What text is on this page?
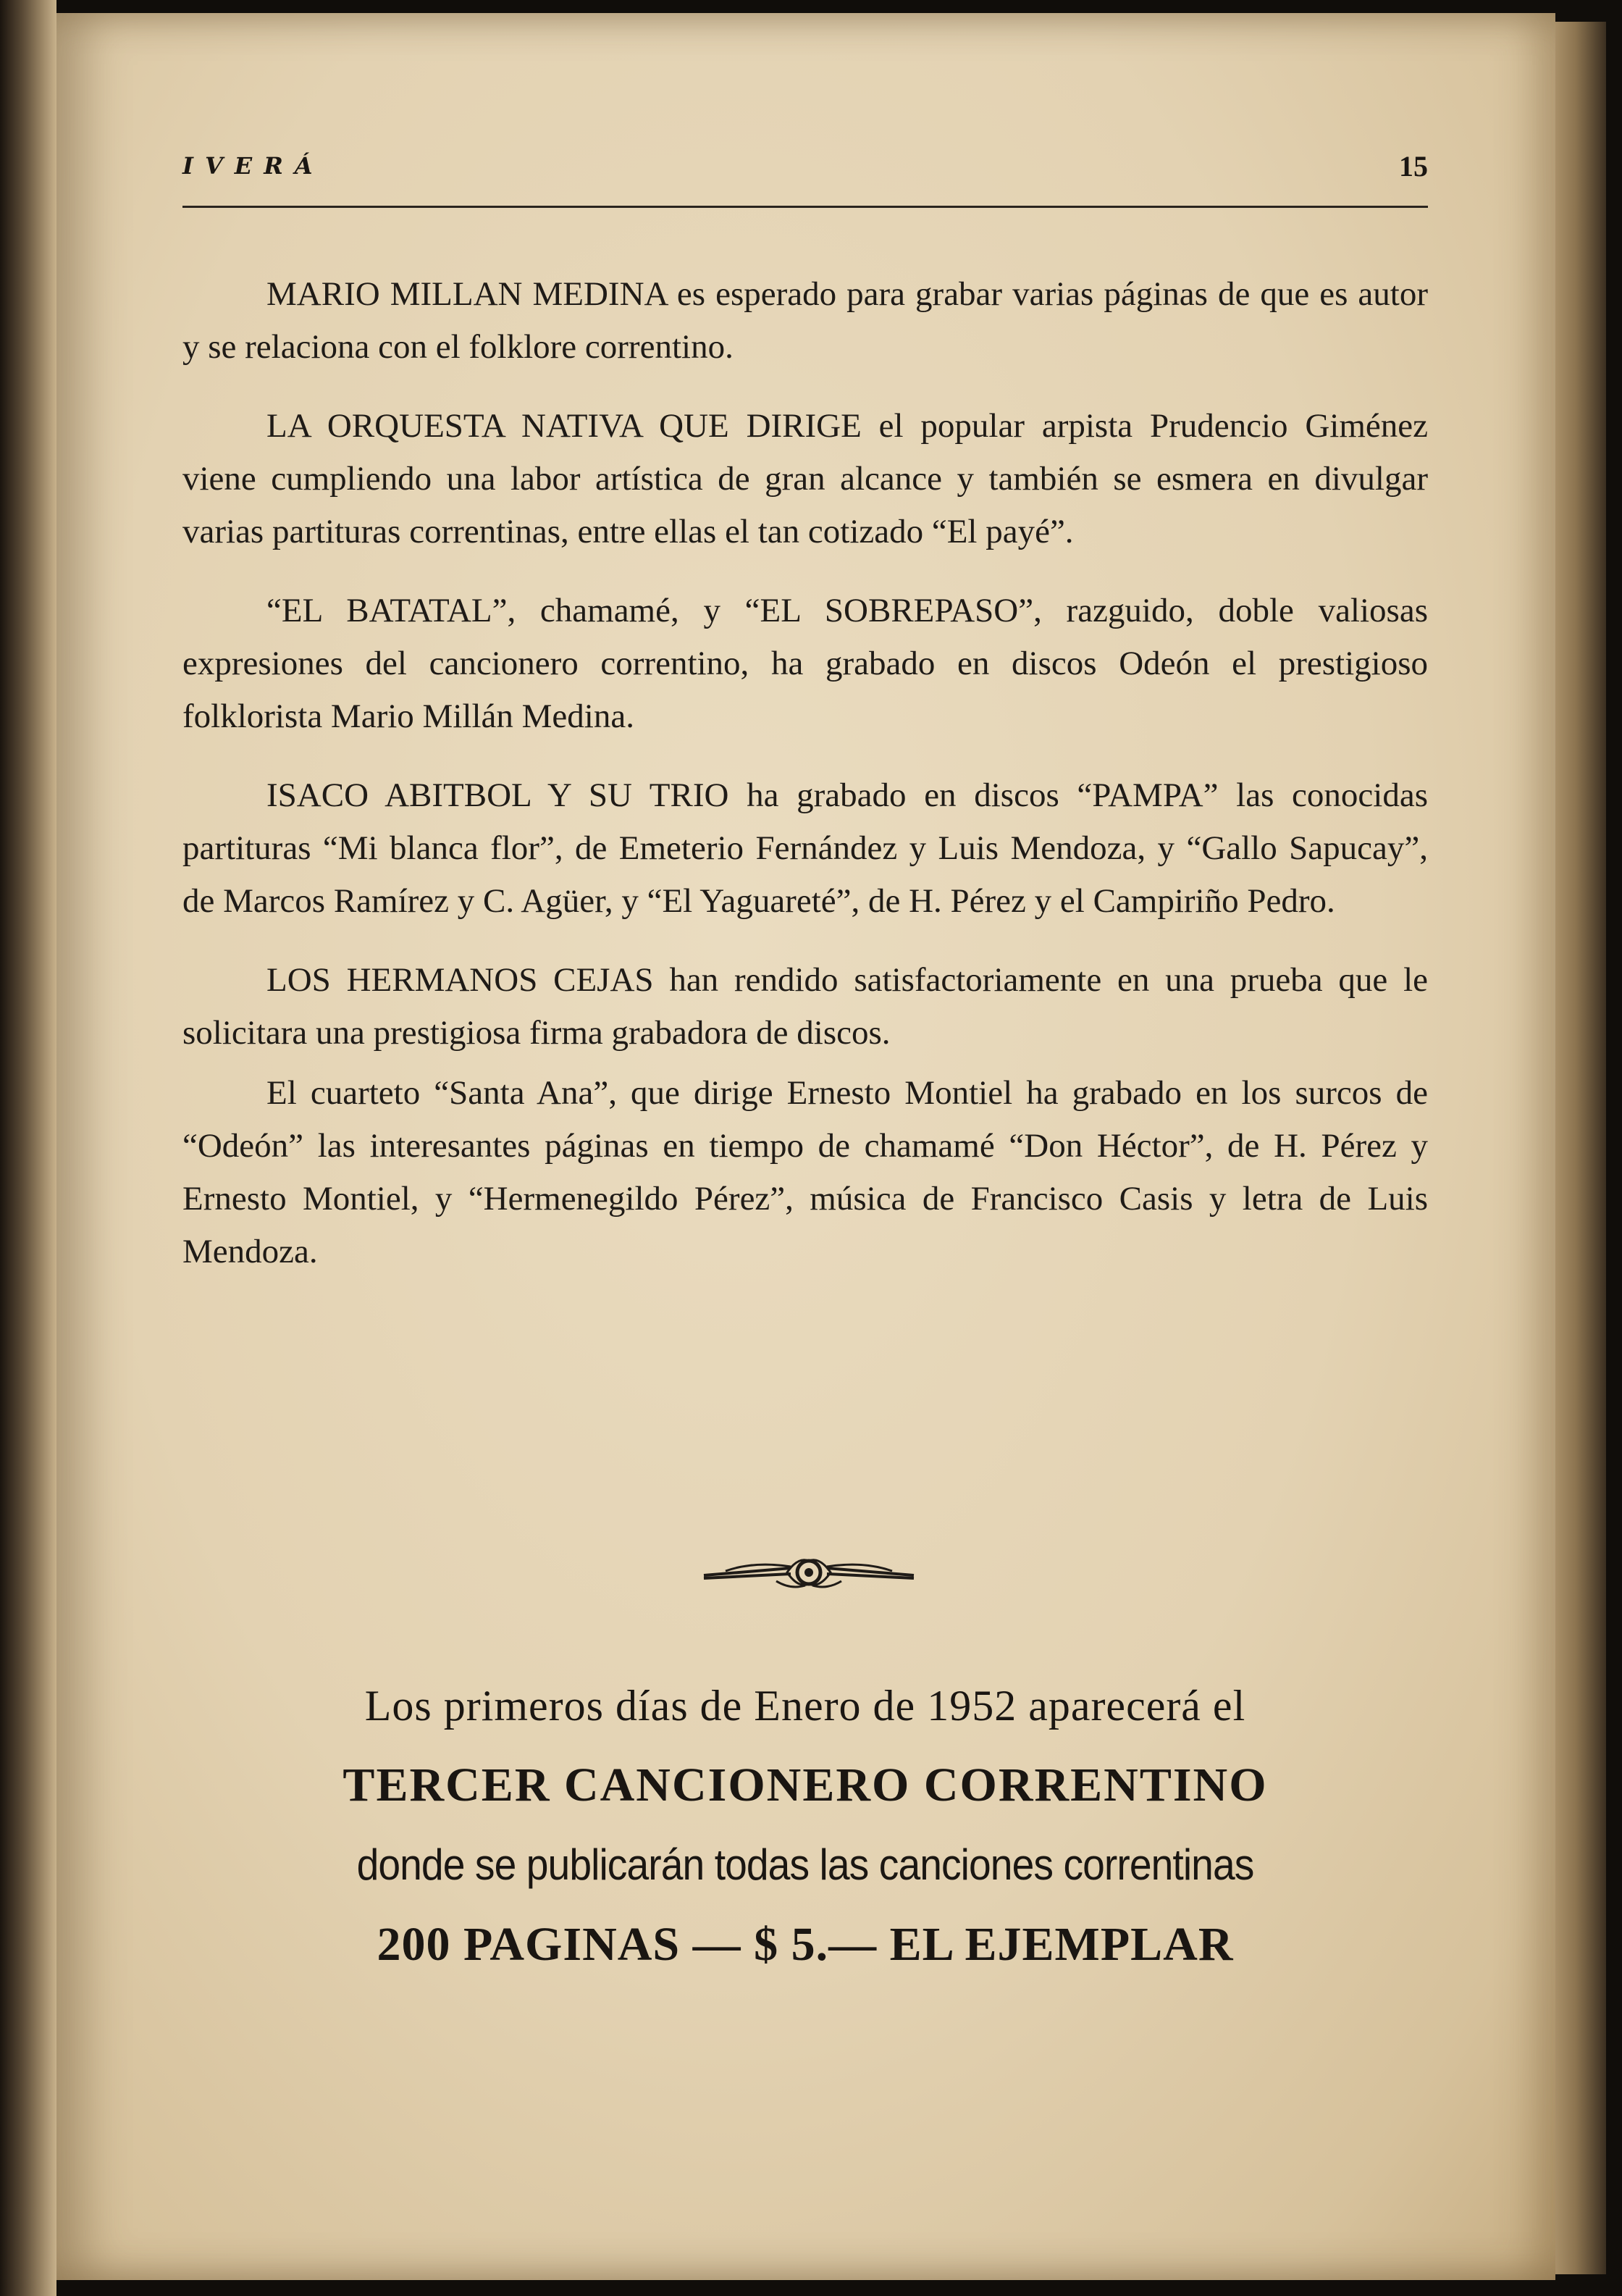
IVERÁ	15

MARIO MILLAN MEDINA es esperado para grabar varias páginas de que es autor y se relaciona con el folklore correntino.

LA ORQUESTA NATIVA QUE DIRIGE el popular arpista Prudencio Giménez viene cumpliendo una labor artística de gran alcance y también se esmera en divulgar varias partituras correntinas, entre ellas el tan cotizado “El payé”.

“EL BATATAL”, chamamé, y “EL SOBREPASO”, razguido, doble valiosas expresiones del cancionero correntino, ha grabado en discos Odeón el prestigioso folklorista Mario Millán Medina.

ISACO ABITBOL Y SU TRIO ha grabado en discos “PAMPA” las conocidas partituras “Mi blanca flor”, de Emeterio Fernández y Luis Mendoza, y “Gallo Sapucay”, de Marcos Ramírez y C. Agüer, y “El Yaguareté”, de H. Pérez y el Campiriño Pedro.

LOS HERMANOS CEJAS han rendido satisfactoriamente en una prueba que le solicitara una prestigiosa firma grabadora de discos.

El cuarteto “Santa Ana”, que dirige Ernesto Montiel ha grabado en los surcos de “Odeón” las interesantes páginas en tiempo de chamamé “Don Héctor”, de H. Pérez y Ernesto Montiel, y “Hermenegildo Pérez”, música de Francisco Casis y letra de Luis Mendoza.

Los primeros días de Enero de 1952 aparecerá el
TERCER CANCIONERO CORRENTINO
donde se publicarán todas las canciones correntinas
200 PAGINAS — $ 5.— EL EJEMPLAR
